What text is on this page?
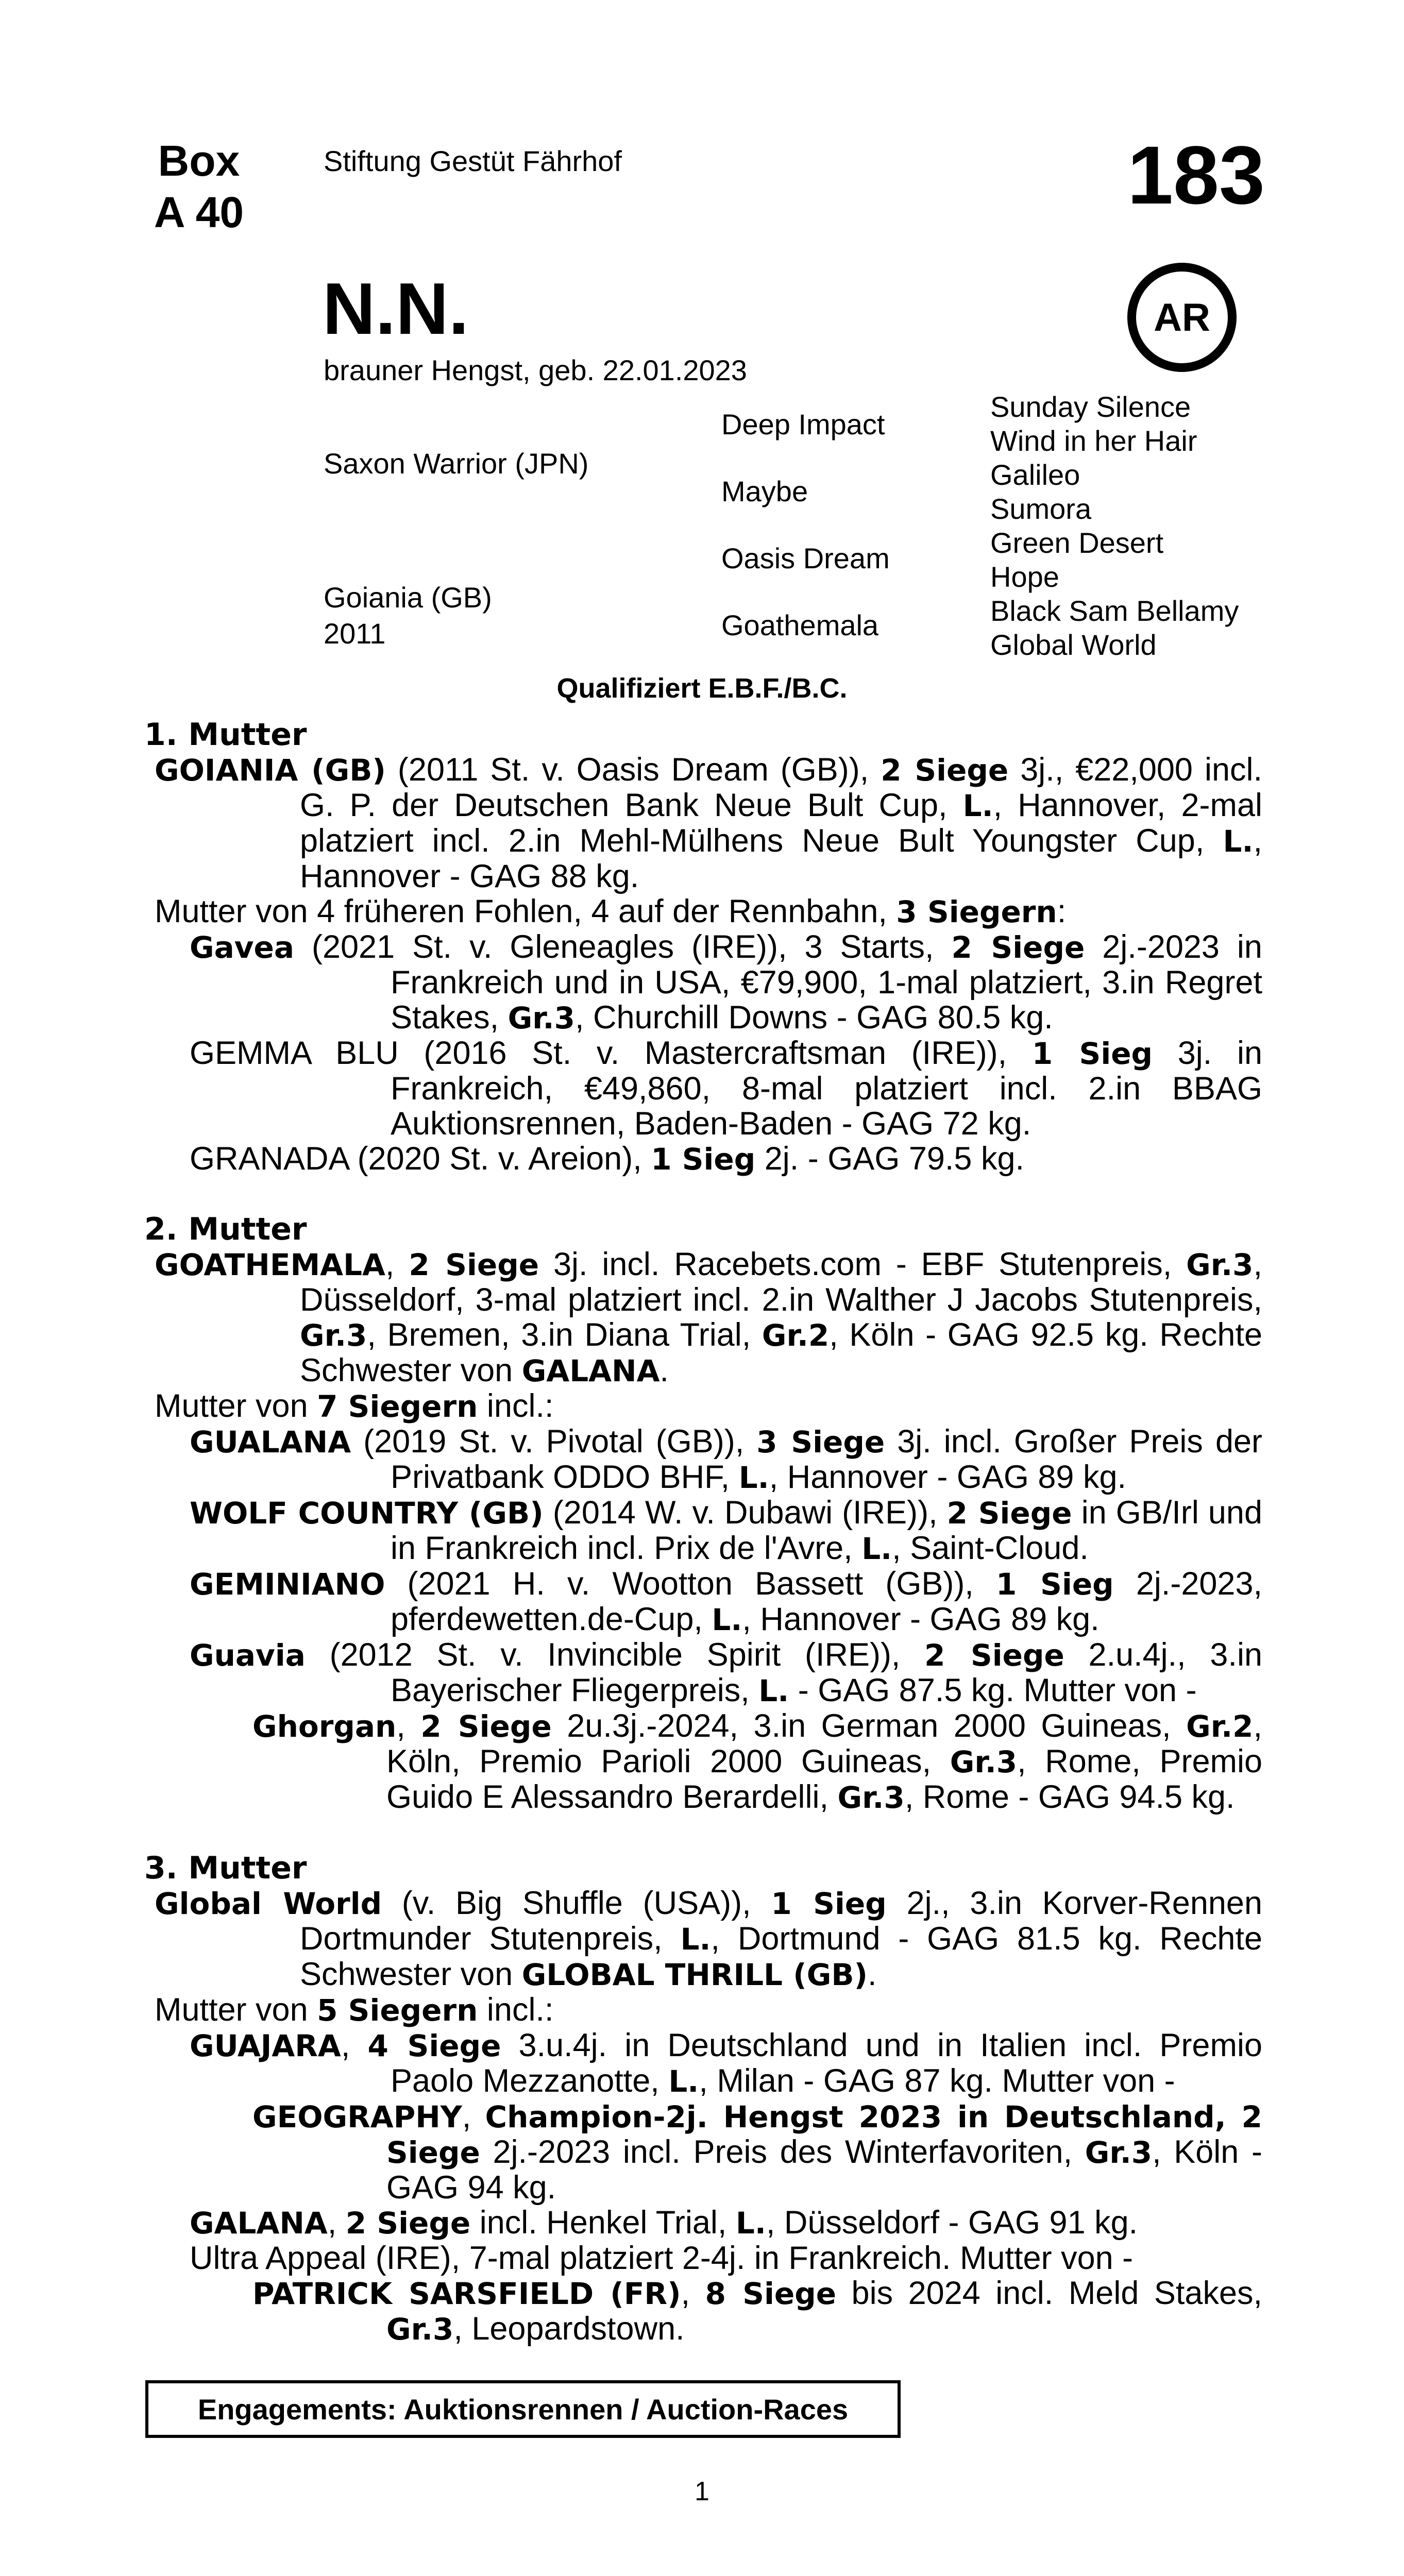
Box
A 40
Stiftung Gestüt Fährhof	183
AR
N.N.
brauner Hengst, geb. 22.01.2023
Saxon Warrior (JPN)
Goiania (GB)
2011
Deep Impact
Maybe
Oasis Dream
Goathemala
Sunday Silence
Wind in her Hair
Galileo
Sumora
Green Desert
Hope
Black Sam Bellamy
Global World
Qualifiziert E.B.F./B.C.

1. Mutter

GOIANIA (GB) (2011 St. v. Oasis Dream (GB)), 2 Siege 3j., €22,000 incl. G. P. der Deutschen Bank Neue Bult Cup, L., Hannover, 2-mal platziert incl. 2.in Mehl-Mülhens Neue Bult Youngster Cup, L., Hannover - GAG 88 kg.

Mutter von 4 früheren Fohlen, 4 auf der Rennbahn, 3 Siegern:

Gavea (2021 St. v. Gleneagles (IRE)), 3 Starts, 2 Siege 2j.-2023 in Frankreich und in USA, €79,900, 1-mal platziert, 3.in Regret Stakes, Gr.3, Churchill Downs - GAG 80.5 kg.

GEMMA BLU (2016 St. v. Mastercraftsman (IRE)), 1 Sieg 3j. in Frankreich, €49,860, 8-mal platziert incl. 2.in BBAG Auktionsrennen, Baden-Baden - GAG 72 kg.

GRANADA (2020 St. v. Areion), 1 Sieg 2j. - GAG 79.5 kg.

2. Mutter

GOATHEMALA, 2 Siege 3j. incl. Racebets.com - EBF Stutenpreis, Gr.3, Düsseldorf, 3-mal platziert incl. 2.in Walther J Jacobs Stutenpreis, Gr.3, Bremen, 3.in Diana Trial, Gr.2, Köln - GAG 92.5 kg. Rechte Schwester von GALANA.

Mutter von 7 Siegern incl.:

GUALANA (2019 St. v. Pivotal (GB)), 3 Siege 3j. incl. Großer Preis der Privatbank ODDO BHF, L., Hannover - GAG 89 kg.

WOLF COUNTRY (GB) (2014 W. v. Dubawi (IRE)), 2 Siege in GB/Irl und in Frankreich incl. Prix de l'Avre, L., Saint-Cloud.

GEMINIANO (2021 H. v. Wootton Bassett (GB)), 1 Sieg 2j.-2023, pferdewetten.de-Cup, L., Hannover - GAG 89 kg.

Guavia (2012 St. v. Invincible Spirit (IRE)), 2 Siege 2.u.4j., 3.in Bayerischer Fliegerpreis, L. - GAG 87.5 kg. Mutter von -

Ghorgan, 2 Siege 2u.3j.-2024, 3.in German 2000 Guineas, Gr.2, Köln, Premio Parioli 2000 Guineas, Gr.3, Rome, Premio Guido E Alessandro Berardelli, Gr.3, Rome - GAG 94.5 kg.

3. Mutter

Global World (v. Big Shuffle (USA)), 1 Sieg 2j., 3.in Korver-Rennen Dortmunder Stutenpreis, L., Dortmund - GAG 81.5 kg. Rechte Schwester von GLOBAL THRILL (GB).

Mutter von 5 Siegern incl.:

GUAJARA, 4 Siege 3.u.4j. in Deutschland und in Italien incl. Premio Paolo Mezzanotte, L., Milan - GAG 87 kg. Mutter von -

GEOGRAPHY, Champion-2j. Hengst 2023 in Deutschland, 2 Siege 2j.-2023 incl. Preis des Winterfavoriten, Gr.3, Köln - GAG 94 kg.

GALANA, 2 Siege incl. Henkel Trial, L., Düsseldorf - GAG 91 kg.

Ultra Appeal (IRE), 7-mal platziert 2-4j. in Frankreich. Mutter von -

PATRICK SARSFIELD (FR), 8 Siege bis 2024 incl. Meld Stakes, Gr.3, Leopardstown.

Engagements: Auktionsrennen / Auction-Races
1
